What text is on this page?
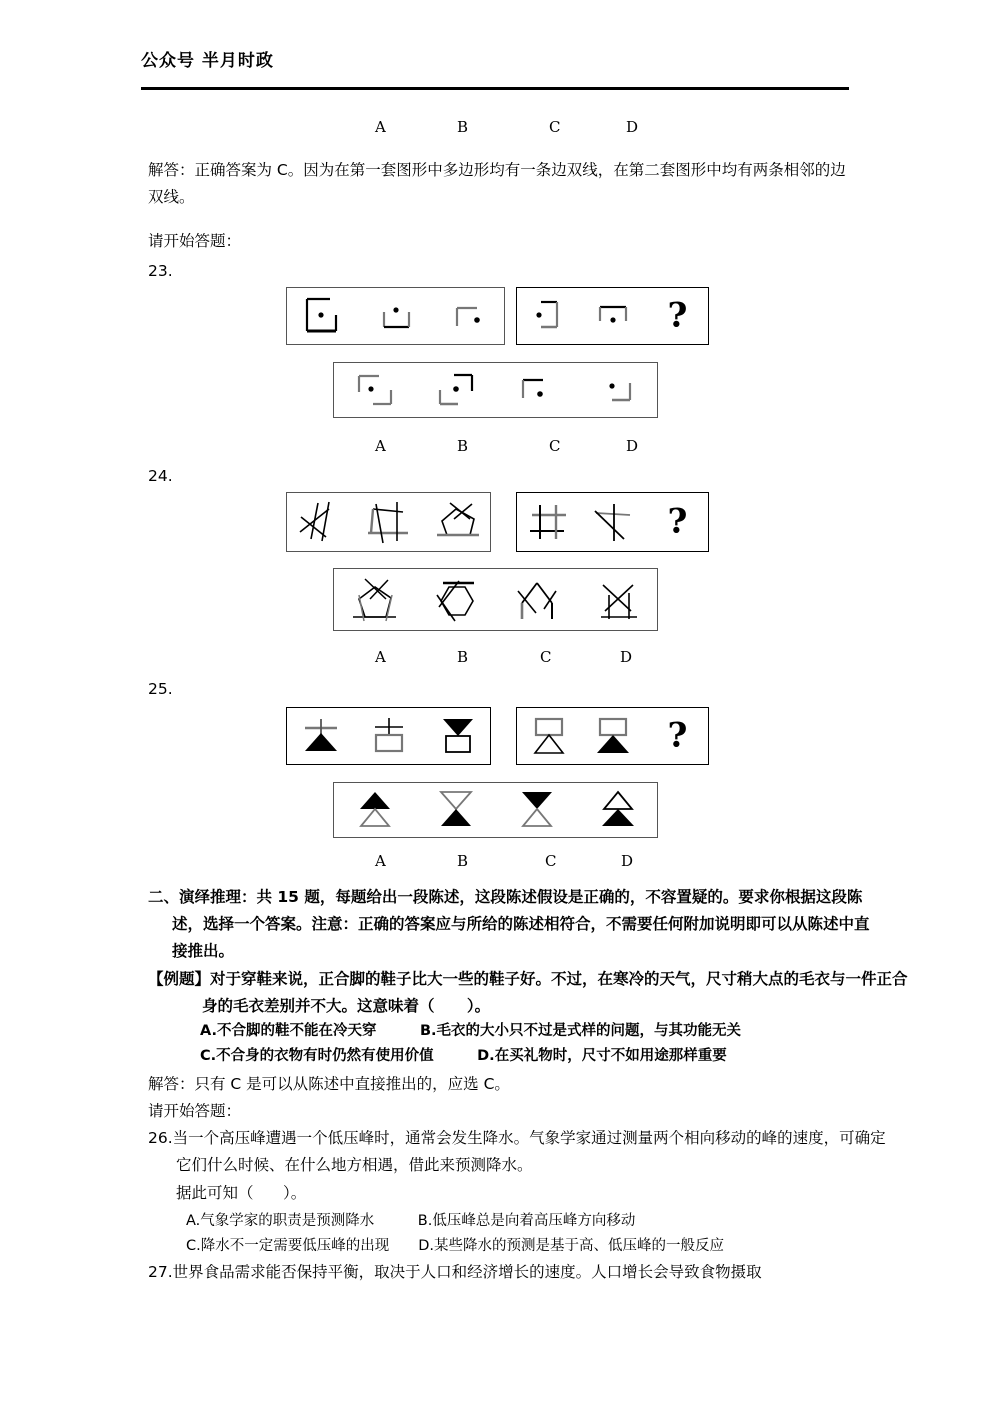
公众号 半月时政
A	B	C	D
解答：正确答案为 C。因为在第一套图形中多边形均有一条边双线，在第二套图形中均有两条相邻的边双线。
请开始答题：
23.
?
A	B	C	D
24.
?
A	B	C	D
25.
?
A	B	C	D
二、演绎推理：共 15 题，每题给出一段陈述，这段陈述假设是正确的，不容置疑的。要求你根据这段陈述，选择一个答案。注意：正确的答案应与所给的陈述相符合，不需要任何附加说明即可以从陈述中直接推出。
【例题】对于穿鞋来说，正合脚的鞋子比大一些的鞋子好。不过，在寒冷的天气，尺寸稍大点的毛衣与一件正合身的毛衣差别并不大。这意味着（      ）。
A.不合脚的鞋不能在冷天穿　　　B.毛衣的大小只不过是式样的问题，与其功能无关
C.不合身的衣物有时仍然有使用价值　　　D.在买礼物时，尺寸不如用途那样重要
解答：只有 C 是可以从陈述中直接推出的，应选 C。
请开始答题：
26.当一个高压峰遭遇一个低压峰时，通常会发生降水。气象学家通过测量两个相向移动的峰的速度，可确定它们什么时候、在什么地方相遇，借此来预测降水。
据此可知（      ）。
A.气象学家的职责是预测降水　　　B.低压峰总是向着高压峰方向移动
C.降水不一定需要低压峰的出现　　D.某些降水的预测是基于高、低压峰的一般反应
27.世界食品需求能否保持平衡，取决于人口和经济增长的速度。人口增长会导致食物摄取
